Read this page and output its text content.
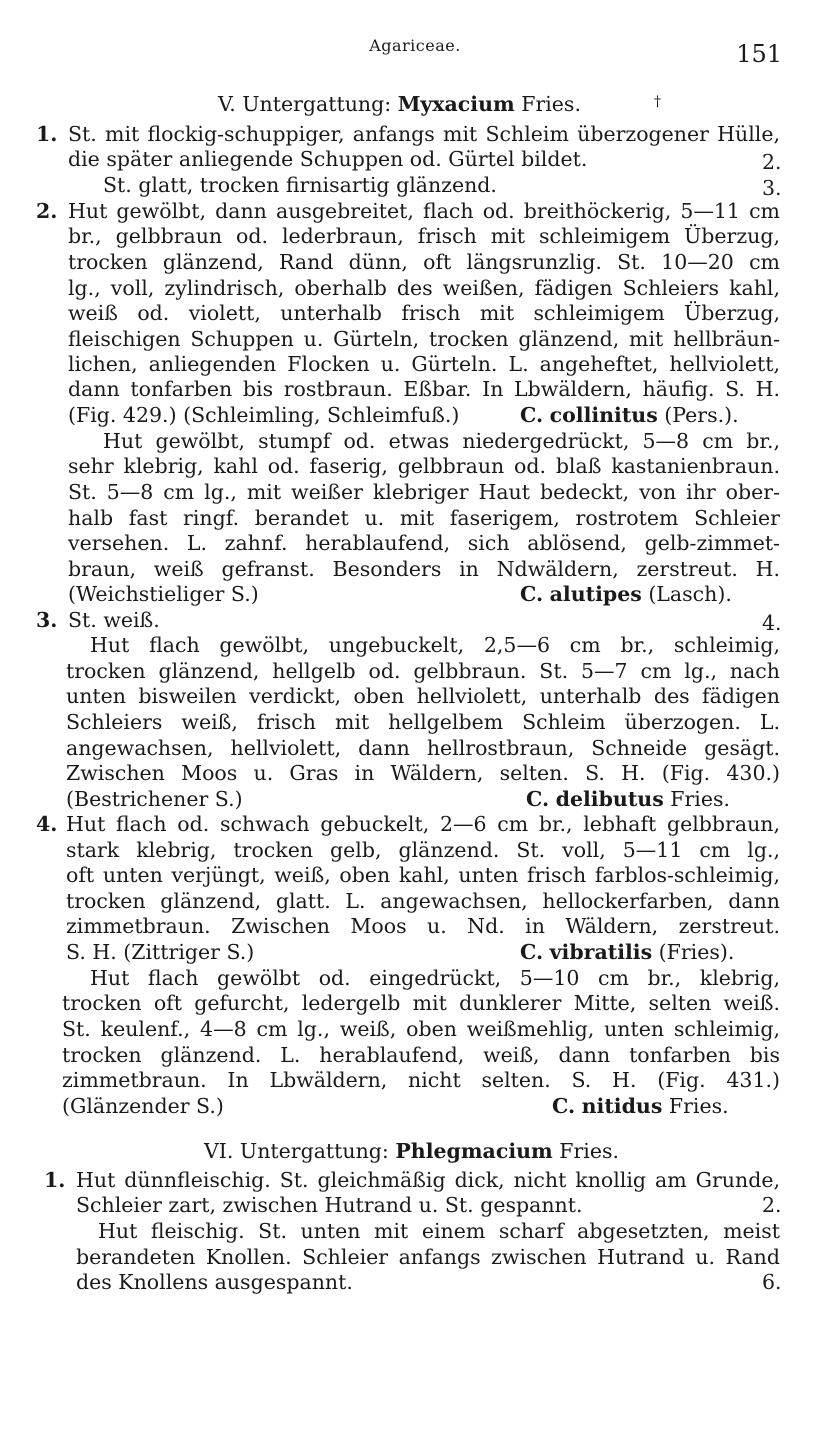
Agariceae.	151
V. Untergattung: Myxacium Fries.	†
1. St. mit flockig-schuppiger, anfangs mit Schleim überzogener Hülle,
die später anliegende Schuppen od. Gürtel bildet.	2.
St. glatt, trocken firnisartig glänzend.	3.
2. Hut gewölbt, dann ausgebreitet, flach od. breithöckerig, 5—11 cm
br., gelbbraun od. lederbraun, frisch mit schleimigem Überzug,
trocken glänzend, Rand dünn, oft längsrunzlig. St. 10—20 cm
lg., voll, zylindrisch, oberhalb des weißen, fädigen Schleiers kahl,
weiß od. violett, unterhalb frisch mit schleimigem Überzug,
fleischigen Schuppen u. Gürteln, trocken glänzend, mit hellbräun-
lichen, anliegenden Flocken u. Gürteln. L. angeheftet, hellviolett,
dann tonfarben bis rostbraun. Eßbar. In Lbwäldern, häufig. S. H.
(Fig. 429.) (Schleimling, Schleimfuß.)	C. collinitus (Pers.).
Hut gewölbt, stumpf od. etwas niedergedrückt, 5—8 cm br.,
sehr klebrig, kahl od. faserig, gelbbraun od. blaß kastanienbraun.
St. 5—8 cm lg., mit weißer klebriger Haut bedeckt, von ihr ober-
halb fast ringf. berandet u. mit faserigem, rostrotem Schleier
versehen. L. zahnf. herablaufend, sich ablösend, gelb-zimmet-
braun, weiß gefranst. Besonders in Ndwäldern, zerstreut. H.
(Weichstieliger S.)	C. alutipes (Lasch).
3. St. weiß.	4.
Hut flach gewölbt, ungebuckelt, 2,5—6 cm br., schleimig,
trocken glänzend, hellgelb od. gelbbraun. St. 5—7 cm lg., nach
unten bisweilen verdickt, oben hellviolett, unterhalb des fädigen
Schleiers weiß, frisch mit hellgelbem Schleim überzogen. L.
angewachsen, hellviolett, dann hellrostbraun, Schneide gesägt.
Zwischen Moos u. Gras in Wäldern, selten. S. H. (Fig. 430.)
(Bestrichener S.)	C. delibutus Fries.
4. Hut flach od. schwach gebuckelt, 2—6 cm br., lebhaft gelbbraun,
stark klebrig, trocken gelb, glänzend. St. voll, 5—11 cm lg.,
oft unten verjüngt, weiß, oben kahl, unten frisch farblos-schleimig,
trocken glänzend, glatt. L. angewachsen, hellockerfarben, dann
zimmetbraun. Zwischen Moos u. Nd. in Wäldern, zerstreut.
S. H. (Zittriger S.)	C. vibratilis (Fries).
Hut flach gewölbt od. eingedrückt, 5—10 cm br., klebrig,
trocken oft gefurcht, ledergelb mit dunklerer Mitte, selten weiß.
St. keulenf., 4—8 cm lg., weiß, oben weißmehlig, unten schleimig,
trocken glänzend. L. herablaufend, weiß, dann tonfarben bis
zimmetbraun. In Lbwäldern, nicht selten. S. H. (Fig. 431.)
(Glänzender S.)	C. nitidus Fries.
VI. Untergattung: Phlegmacium Fries.
1. Hut dünnfleischig. St. gleichmäßig dick, nicht knollig am Grunde,
Schleier zart, zwischen Hutrand u. St. gespannt.	2.
Hut fleischig. St. unten mit einem scharf abgesetzten, meist
berandeten Knollen. Schleier anfangs zwischen Hutrand u. Rand
des Knollens ausgespannt.	6.
